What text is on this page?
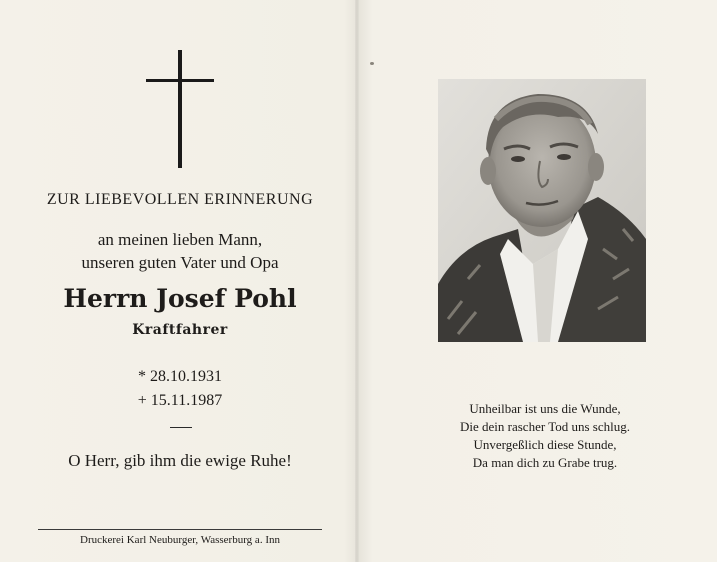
ZUR LIEBEVOLLEN ERINNERUNG
an meinen lieben Mann,
unseren guten Vater und Opa
Herrn Josef Pohl
Kraftfahrer
* 28.10.1931
+ 15.11.1987
O Herr, gib ihm die ewige Ruhe!
Druckerei Karl Neuburger, Wasserburg a. Inn
Unheilbar ist uns die Wunde,
Die dein rascher Tod uns schlug.
Unvergeßlich diese Stunde,
Da man dich zu Grabe trug.
